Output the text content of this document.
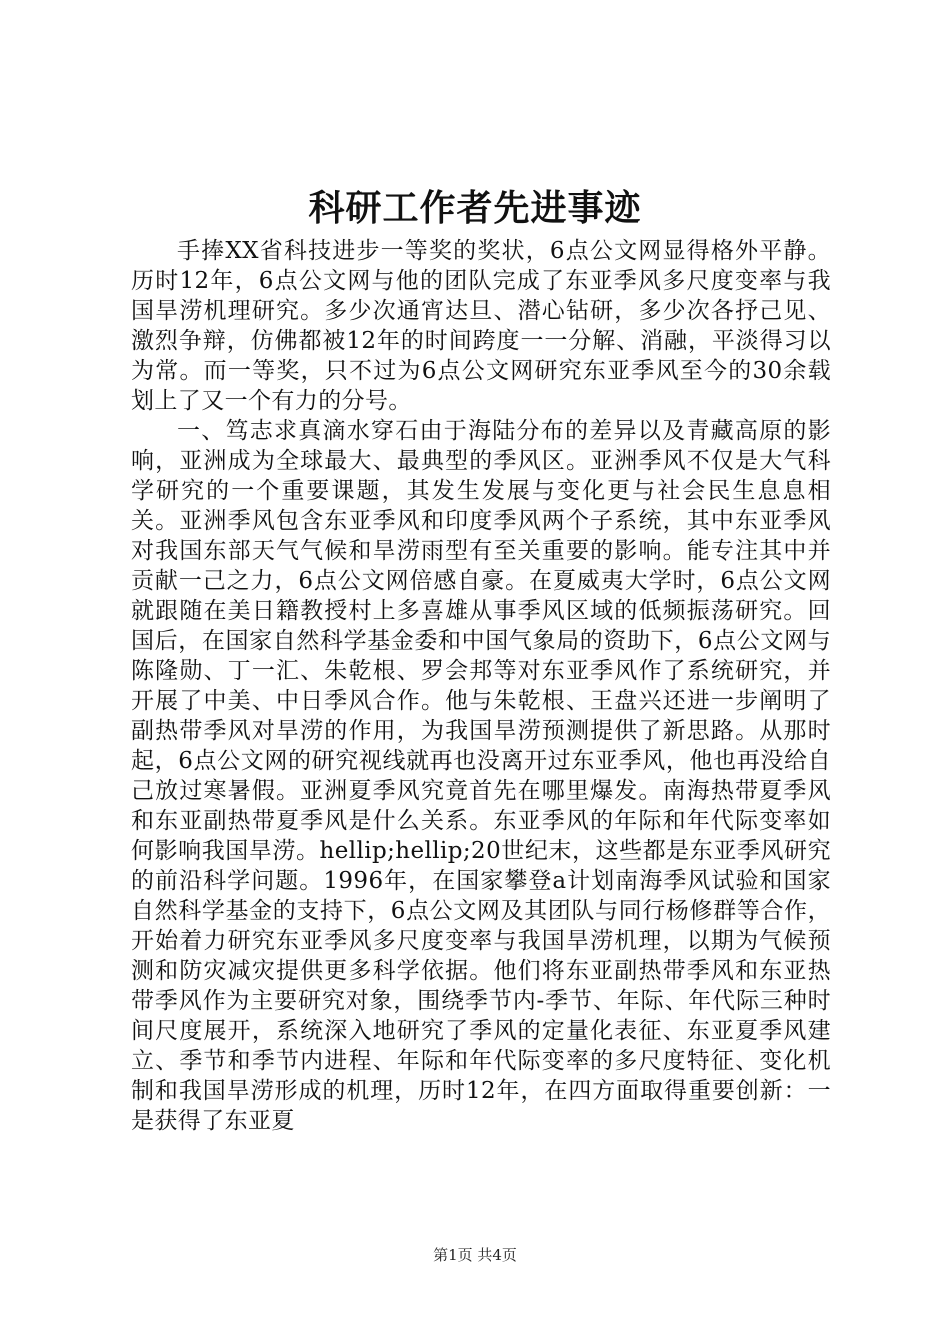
科研工作者先进事迹

手捧XX省科技进步一等奖的奖状，6点公文网显得格外平静。历时12年，6点公文网与他的团队完成了东亚季风多尺度变率与我国旱涝机理研究。多少次通宵达旦、潜心钻研，多少次各抒己见、激烈争辩，仿佛都被12年的时间跨度一一分解、消融，平淡得习以为常。而一等奖，只不过为6点公文网研究东亚季风至今的30余载划上了又一个有力的分号。

一、笃志求真滴水穿石由于海陆分布的差异以及青藏高原的影响，亚洲成为全球最大、最典型的季风区。亚洲季风不仅是大气科学研究的一个重要课题，其发生发展与变化更与社会民生息息相关。亚洲季风包含东亚季风和印度季风两个子系统，其中东亚季风对我国东部天气气候和旱涝雨型有至关重要的影响。能专注其中并贡献一己之力，6点公文网倍感自豪。在夏威夷大学时，6点公文网就跟随在美日籍教授村上多喜雄从事季风区域的低频振荡研究。回国后，在国家自然科学基金委和中国气象局的资助下，6点公文网与陈隆勋、丁一汇、朱乾根、罗会邦等对东亚季风作了系统研究，并开展了中美、中日季风合作。他与朱乾根、王盘兴还进一步阐明了副热带季风对旱涝的作用，为我国旱涝预测提供了新思路。从那时起，6点公文网的研究视线就再也没离开过东亚季风，他也再没给自己放过寒暑假。亚洲夏季风究竟首先在哪里爆发。南海热带夏季风和东亚副热带夏季风是什么关系。东亚季风的年际和年代际变率如何影响我国旱涝。hellip;hellip;20世纪末，这些都是东亚季风研究的前沿科学问题。1996年，在国家攀登a计划南海季风试验和国家自然科学基金的支持下，6点公文网及其团队与同行杨修群等合作，开始着力研究东亚季风多尺度变率与我国旱涝机理，以期为气候预测和防灾减灾提供更多科学依据。他们将东亚副热带季风和东亚热带季风作为主要研究对象，围绕季节内-季节、年际、年代际三种时间尺度展开，系统深入地研究了季风的定量化表征、东亚夏季风建立、季节和季节内进程、年际和年代际变率的多尺度特征、变化机制和我国旱涝形成的机理，历时12年，在四方面取得重要创新：一是获得了东亚夏

第1页 共4页
